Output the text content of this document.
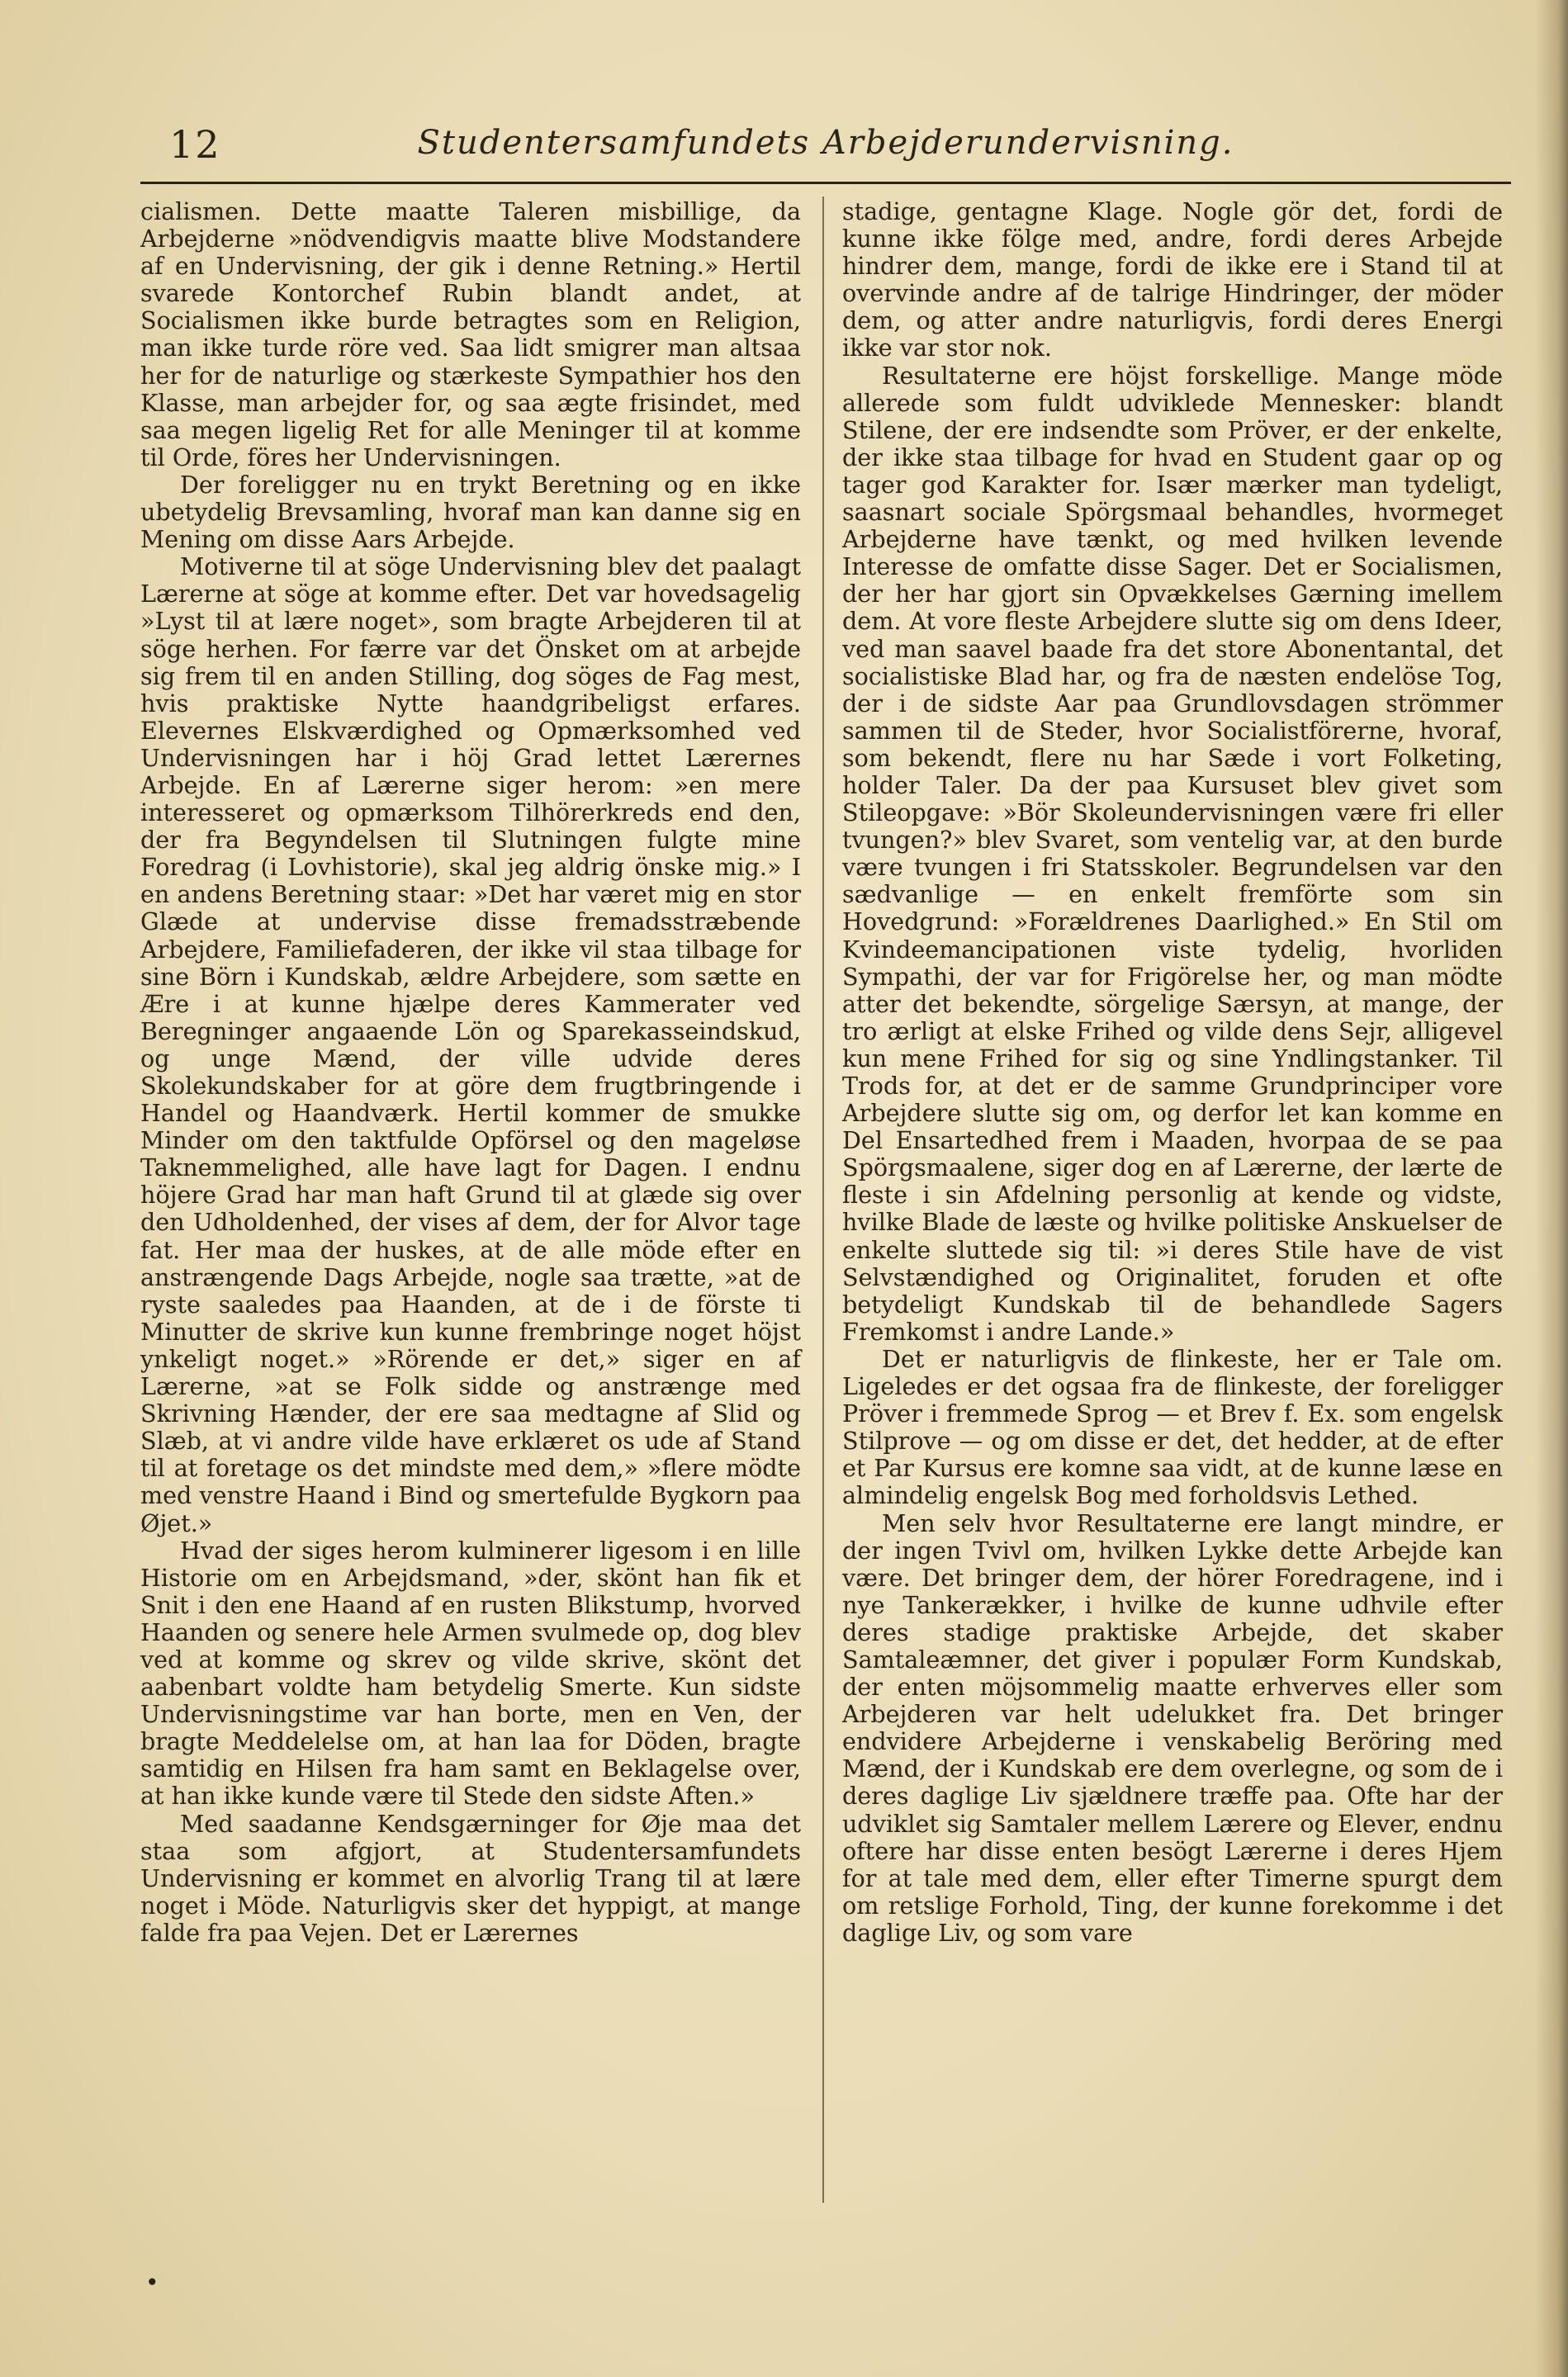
12	Studentersamfundets Arbejderundervisning.

cialismen. Dette maatte Taleren misbillige, da Arbejderne »nödvendigvis maatte blive Modstandere af en Undervisning, der gik i denne Retning.» Hertil svarede Kontorchef Rubin blandt andet, at Socialismen ikke burde betragtes som en Religion, man ikke turde röre ved. Saa lidt smigrer man altsaa her for de naturlige og stærkeste Sympathier hos den Klasse, man arbejder for, og saa ægte frisindet, med saa megen ligelig Ret for alle Meninger til at komme til Orde, föres her Undervisningen.

Der foreligger nu en trykt Beretning og en ikke ubetydelig Brevsamling, hvoraf man kan danne sig en Mening om disse Aars Arbejde.

Motiverne til at söge Undervisning blev det paalagt Lærerne at söge at komme efter. Det var hovedsagelig »Lyst til at lære noget», som bragte Arbejderen til at söge herhen. For færre var det Önsket om at arbejde sig frem til en anden Stilling, dog söges de Fag mest, hvis praktiske Nytte haandgribeligst erfares. Elevernes Elskværdighed og Opmærksomhed ved Undervisningen har i höj Grad lettet Lærernes Arbejde. En af Lærerne siger herom: »en mere interesseret og opmærksom Tilhörerkreds end den, der fra Begyndelsen til Slutningen fulgte mine Foredrag (i Lovhistorie), skal jeg aldrig önske mig.» I en andens Beretning staar: »Det har været mig en stor Glæde at undervise disse fremadsstræbende Arbejdere, Familiefaderen, der ikke vil staa tilbage for sine Börn i Kundskab, ældre Arbejdere, som sætte en Ære i at kunne hjælpe deres Kammerater ved Beregninger angaaende Lön og Sparekasseindskud, og unge Mænd, der ville udvide deres Skolekundskaber for at göre dem frugtbringende i Handel og Haandværk. Hertil kommer de smukke Minder om den taktfulde Opförsel og den mageløse Taknemmelighed, alle have lagt for Dagen. I endnu höjere Grad har man haft Grund til at glæde sig over den Udholdenhed, der vises af dem, der for Alvor tage fat. Her maa der huskes, at de alle möde efter en anstrængende Dags Arbejde, nogle saa trætte, »at de ryste saaledes paa Haanden, at de i de förste ti Minutter de skrive kun kunne frembringe noget höjst ynkeligt noget.» »Rörende er det,» siger en af Lærerne, »at se Folk sidde og anstrænge med Skrivning Hænder, der ere saa medtagne af Slid og Slæb, at vi andre vilde have erklæret os ude af Stand til at foretage os det mindste med dem,» »flere mödte med venstre Haand i Bind og smertefulde Bygkorn paa Øjet.»

Hvad der siges herom kulminerer ligesom i en lille Historie om en Arbejdsmand, »der, skönt han fik et Snit i den ene Haand af en rusten Blikstump, hvorved Haanden og senere hele Armen svulmede op, dog blev ved at komme og skrev og vilde skrive, skönt det aabenbart voldte ham betydelig Smerte. Kun sidste Undervisningstime var han borte, men en Ven, der bragte Meddelelse om, at han laa for Döden, bragte samtidig en Hilsen fra ham samt en Beklagelse over, at han ikke kunde være til Stede den sidste Aften.»

Med saadanne Kendsgærninger for Øje maa det staa som afgjort, at Studentersamfundets Undervisning er kommet en alvorlig Trang til at lære noget i Möde. Naturligvis sker det hyppigt, at mange falde fra paa Vejen. Det er Lærernes

stadige, gentagne Klage. Nogle gör det, fordi de kunne ikke fölge med, andre, fordi deres Arbejde hindrer dem, mange, fordi de ikke ere i Stand til at overvinde andre af de talrige Hindringer, der möder dem, og atter andre naturligvis, fordi deres Energi ikke var stor nok.

Resultaterne ere höjst forskellige. Mange möde allerede som fuldt udviklede Mennesker: blandt Stilene, der ere indsendte som Pröver, er der enkelte, der ikke staa tilbage for hvad en Student gaar op og tager god Karakter for. Især mærker man tydeligt, saasnart sociale Spörgsmaal behandles, hvormeget Arbejderne have tænkt, og med hvilken levende Interesse de omfatte disse Sager. Det er Socialismen, der her har gjort sin Opvækkelses Gærning imellem dem. At vore fleste Arbejdere slutte sig om dens Ideer, ved man saavel baade fra det store Abonentantal, det socialistiske Blad har, og fra de næsten endelöse Tog, der i de sidste Aar paa Grundlovsdagen strömmer sammen til de Steder, hvor Socialistförerne, hvoraf, som bekendt, flere nu har Sæde i vort Folketing, holder Taler. Da der paa Kursuset blev givet som Stileopgave: »Bör Skoleundervisningen være fri eller tvungen?» blev Svaret, som ventelig var, at den burde være tvungen i fri Statsskoler. Begrundelsen var den sædvanlige — en enkelt fremförte som sin Hovedgrund: »Forældrenes Daarlighed.» En Stil om Kvindeemancipationen viste tydelig, hvorliden Sympathi, der var for Frigörelse her, og man mödte atter det bekendte, sörgelige Særsyn, at mange, der tro ærligt at elske Frihed og vilde dens Sejr, alligevel kun mene Frihed for sig og sine Yndlingstanker. Til Trods for, at det er de samme Grundprinciper vore Arbejdere slutte sig om, og derfor let kan komme en Del Ensartedhed frem i Maaden, hvorpaa de se paa Spörgsmaalene, siger dog en af Lærerne, der lærte de fleste i sin Afdelning personlig at kende og vidste, hvilke Blade de læste og hvilke politiske Anskuelser de enkelte sluttede sig til: »i deres Stile have de vist Selvstændighed og Originalitet, foruden et ofte betydeligt Kundskab til de behandlede Sagers Fremkomst i andre Lande.»

Det er naturligvis de flinkeste, her er Tale om. Ligeledes er det ogsaa fra de flinkeste, der foreligger Pröver i fremmede Sprog — et Brev f. Ex. som engelsk Stilprove — og om disse er det, det hedder, at de efter et Par Kursus ere komne saa vidt, at de kunne læse en almindelig engelsk Bog med forholdsvis Lethed.

Men selv hvor Resultaterne ere langt mindre, er der ingen Tvivl om, hvilken Lykke dette Arbejde kan være. Det bringer dem, der hörer Foredragene, ind i nye Tankerækker, i hvilke de kunne udhvile efter deres stadige praktiske Arbejde, det skaber Samtaleæmner, det giver i populær Form Kundskab, der enten möjsommelig maatte erhverves eller som Arbejderen var helt udelukket fra. Det bringer endvidere Arbejderne i venskabelig Beröring med Mænd, der i Kundskab ere dem overlegne, og som de i deres daglige Liv sjældnere træffe paa. Ofte har der udviklet sig Samtaler mellem Lærere og Elever, endnu oftere har disse enten besögt Lærerne i deres Hjem for at tale med dem, eller efter Timerne spurgt dem om retslige Forhold, Ting, der kunne forekomme i det daglige Liv, og som vare

•
